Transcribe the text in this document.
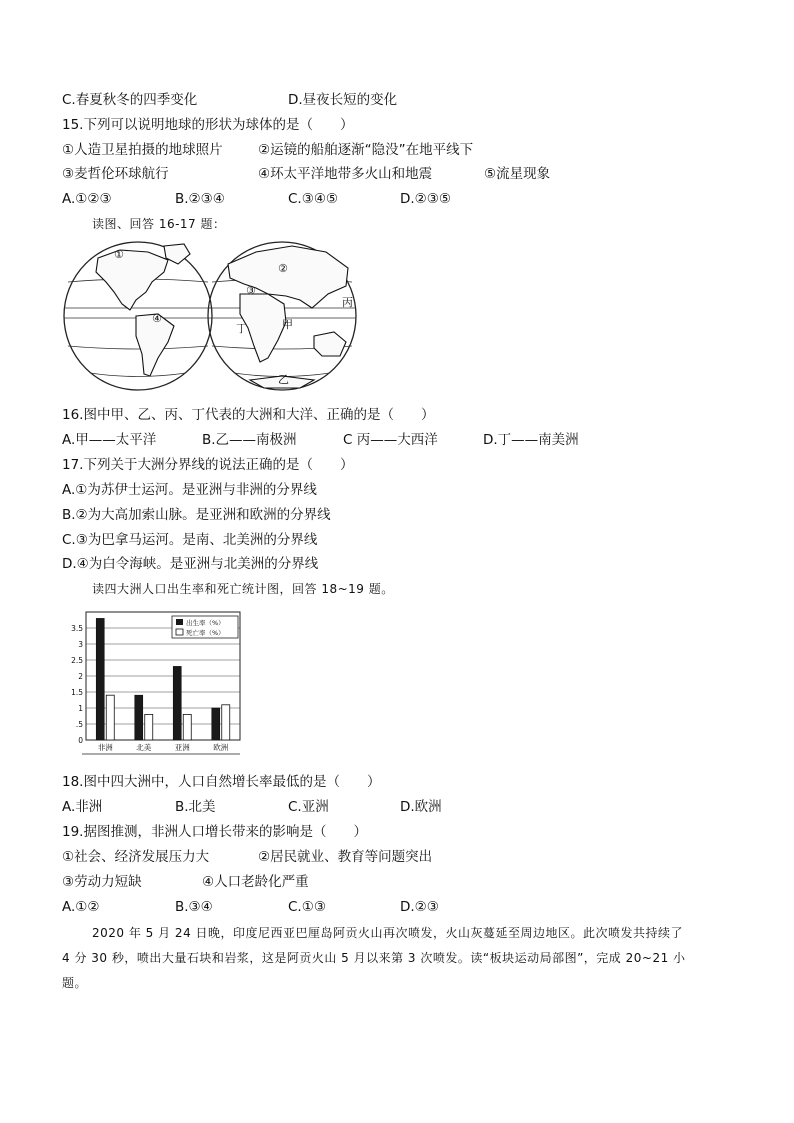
C.春夏秋冬的四季变化	D.昼夜长短的变化
15.下列可以说明地球的形状为球体的是（　　）
①人造卫星拍摄的地球照片	②运镜的船舶逐渐“隐没”在地平线下
③麦哲伦环球航行	④环太平洋地带多火山和地震	⑤流星现象
A.①②③	B.②③④	C.③④⑤	D.②③⑤
读图、回答 16-17 题：
①
②
③
④	甲
乙
丙
丁
16.图中甲、乙、丙、丁代表的大洲和大洋、正确的是（　　）
A.甲——太平洋	B.乙——南极洲	C 丙——大西洋	D.丁——南美洲
17.下列关于大洲分界线的说法正确的是（　　）
A.①为苏伊士运河。是亚洲与非洲的分界线
B.②为大高加索山脉。是亚洲和欧洲的分界线
C.③为巴拿马运河。是南、北美洲的分界线
D.④为白令海峡。是亚洲与北美洲的分界线
读四大洲人口出生率和死亡统计图，回答 18~19 题。
0
.5
1
1.5
2
2.5
3
3.5
非洲	北美	亚洲	欧洲
出生率（%）
死亡率（%）
18.图中四大洲中，人口自然增长率最低的是（　　）
A.非洲	B.北美	C.亚洲	D.欧洲
19.据图推测，非洲人口增长带来的影响是（　　）
①社会、经济发展压力大	②居民就业、教育等问题突出
③劳动力短缺	④人口老龄化严重
A.①②	B.③④	C.①③	D.②③
2020 年 5 月 24 日晚，印度尼西亚巴厘岛阿贡火山再次喷发，火山灰蔓延至周边地区。此次喷发共持续了
4 分 30 秒，喷出大量石块和岩浆，这是阿贡火山 5 月以来第 3 次喷发。读“板块运动局部图”，完成 20~21 小
题。
